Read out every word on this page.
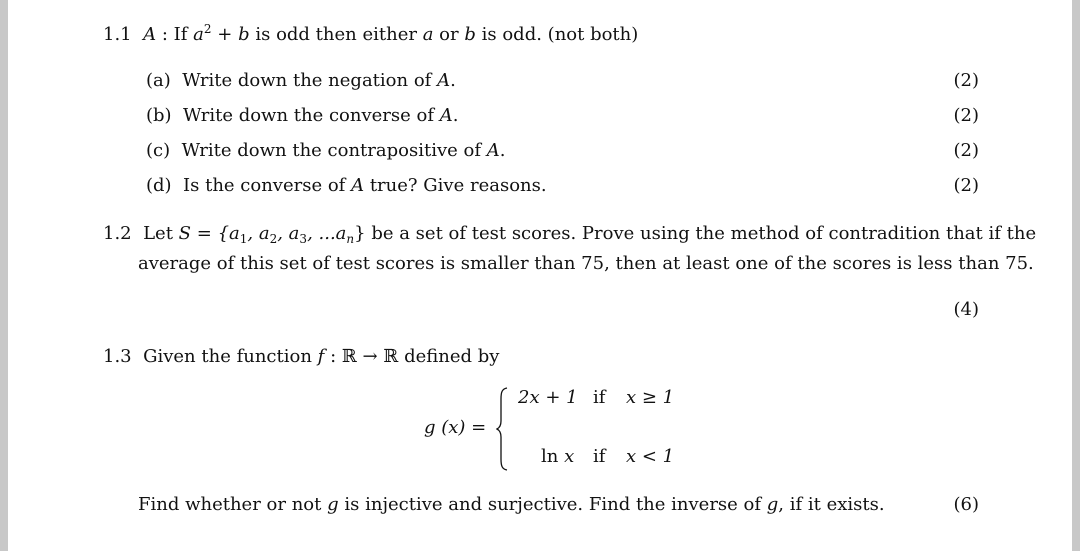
1.1 A : If $a^2 + b$ is odd then either a or b is odd. (not both)
(a) Write down the negation of A.	(2)
(b) Write down the converse of A.	(2)
(c) Write down the contrapositive of A.	(2)
(d) Is the converse of A true? Give reasons.	(2)
1.2 Let $S = \{a_1$, $a_2$, $a_3$, $...a_n$} be a set of test scores. Prove using the method of contradition that if the
average of this set of test scores is smaller than 75, then at least one of the scores is less than 75.
(4)
1.3 Given the function f : ℝ → ℝ defined by
g (x) =
2x + 1 if x ≥ 1
ln x if x < 1
Find whether or not g is injective and surjective. Find the inverse of g, if it exists.	(6)
